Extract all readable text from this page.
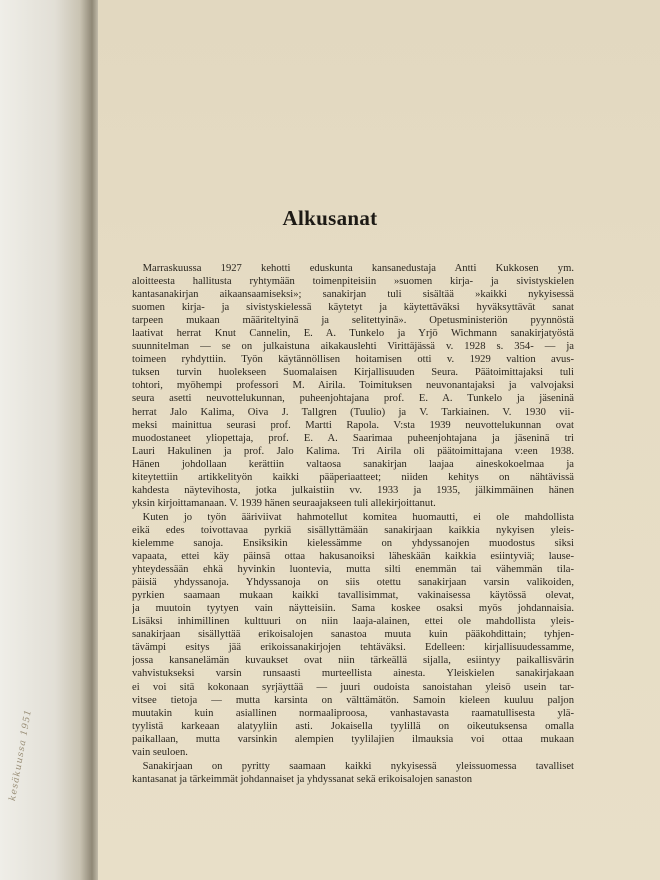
kesäkuussa 1951
Alkusanat

Marraskuussa 1927 kehotti eduskunta kansanedustaja Antti Kukkosen ym.
aloitteesta hallitusta ryhtymään toimenpiteisiin »suomen kirja- ja sivistyskielen
kantasanakirjan aikaansaamiseksi»; sanakirjan tuli sisältää »kaikki nykyisessä
suomen kirja- ja sivistyskielessä käytetyt ja käytettäväksi hyväksyttävät sanat
tarpeen mukaan määriteltyinä ja selitettyinä». Opetusministeriön pyynnöstä
laativat herrat Knut Cannelin, E. A. Tunkelo ja Yrjö Wichmann sanakirjatyöstä
suunnitelman — se on julkaistuna aikakauslehti Virittäjässä v. 1928 s. 354- — ja
toimeen ryhdyttiin. Työn käytännöllisen hoitamisen otti v. 1929 valtion avus-
tuksen turvin huolekseen Suomalaisen Kirjallisuuden Seura. Päätoimittajaksi tuli
tohtori, myöhempi professori M. Airila. Toimituksen neuvonantajaksi ja valvojaksi
seura asetti neuvottelukunnan, puheenjohtajana prof. E. A. Tunkelo ja jäseninä
herrat Jalo Kalima, Oiva J. Tallgren (Tuulio) ja V. Tarkiainen. V. 1930 vii-
meksi mainittua seurasi prof. Martti Rapola. V:sta 1939 neuvottelukunnan ovat
muodostaneet yliopettaja, prof. E. A. Saarimaa puheenjohtajana ja jäseninä tri
Lauri Hakulinen ja prof. Jalo Kalima. Tri Airila oli päätoimittajana v:een 1938.
Hänen johdollaan kerättiin valtaosa sanakirjan laajaa aineskokoelmaa ja
kiteytettiin artikkelityön kaikki pääperiaatteet; niiden kehitys on nähtävissä
kahdesta näytevihosta, jotka julkaistiin vv. 1933 ja 1935, jälkimmäinen hänen
yksin kirjoittamanaan. V. 1939 hänen seuraajakseen tuli allekirjoittanut.

Kuten jo työn ääriviivat hahmotellut komitea huomautti, ei ole mahdollista
eikä edes toivottavaa pyrkiä sisällyttämään sanakirjaan kaikkia nykyisen yleis-
kielemme sanoja. Ensiksikin kielessämme on yhdyssanojen muodostus siksi
vapaata, ettei käy päinsä ottaa hakusanoiksi läheskään kaikkia esiintyviä; lause-
yhteydessään ehkä hyvinkin luontevia, mutta silti enemmän tai vähemmän tila-
päisiä yhdyssanoja. Yhdyssanoja on siis otettu sanakirjaan varsin valikoiden,
pyrkien saamaan mukaan kaikki tavallisimmat, vakinaisessa käytössä olevat,
ja muutoin tyytyen vain näytteisiin. Sama koskee osaksi myös johdannaisia.
Lisäksi inhimillinen kulttuuri on niin laaja-alainen, ettei ole mahdollista yleis-
sanakirjaan sisällyttää erikoisalojen sanastoa muuta kuin pääkohdittain; tyhjen-
tävämpi esitys jää erikoissanakirjojen tehtäväksi. Edelleen: kirjallisuudessamme,
jossa kansanelämän kuvaukset ovat niin tärkeällä sijalla, esiintyy paikallisvärin
vahvistukseksi varsin runsaasti murteellista ainesta. Yleiskielen sanakirjakaan
ei voi sitä kokonaan syrjäyttää — juuri oudoista sanoistahan yleisö usein tar-
vitsee tietoja — mutta karsinta on välttämätön. Samoin kieleen kuuluu paljon
muutakin kuin asiallinen normaaliproosa, vanhastavasta raamatullisesta ylä-
tyylistä karkeaan alatyyliin asti. Jokaisella tyylillä on oikeutuksensa omalla
paikallaan, mutta varsinkin alempien tyylilajien ilmauksia voi ottaa mukaan
vain seuloen.

Sanakirjaan on pyritty saamaan kaikki nykyisessä yleissuomessa tavalliset
kantasanat ja tärkeimmät johdannaiset ja yhdyssanat sekä erikoisalojen sanaston
